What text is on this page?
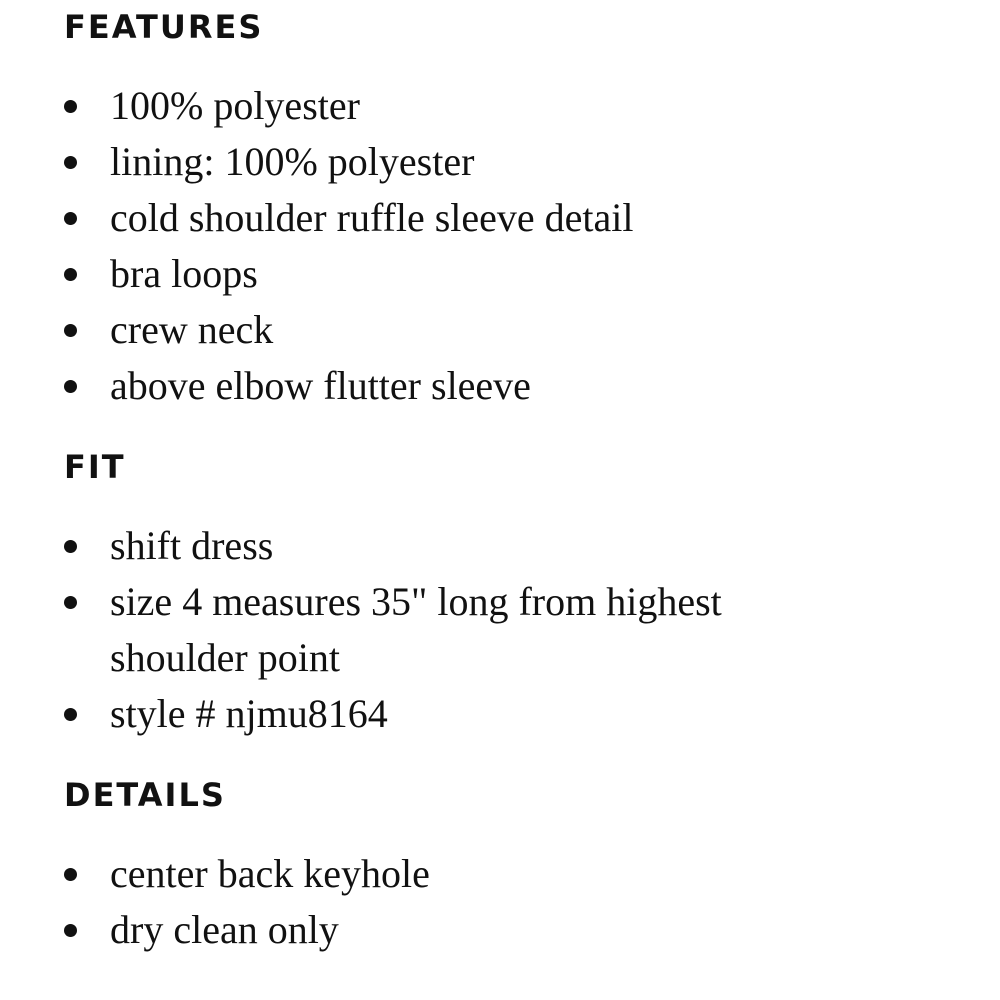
FEATURES
100% polyester
lining: 100% polyester
cold shoulder ruffle sleeve detail
bra loops
crew neck
above elbow flutter sleeve
FIT
shift dress
size 4 measures 35" long from highest shoulder point
style # njmu8164
DETAILS
center back keyhole
dry clean only
